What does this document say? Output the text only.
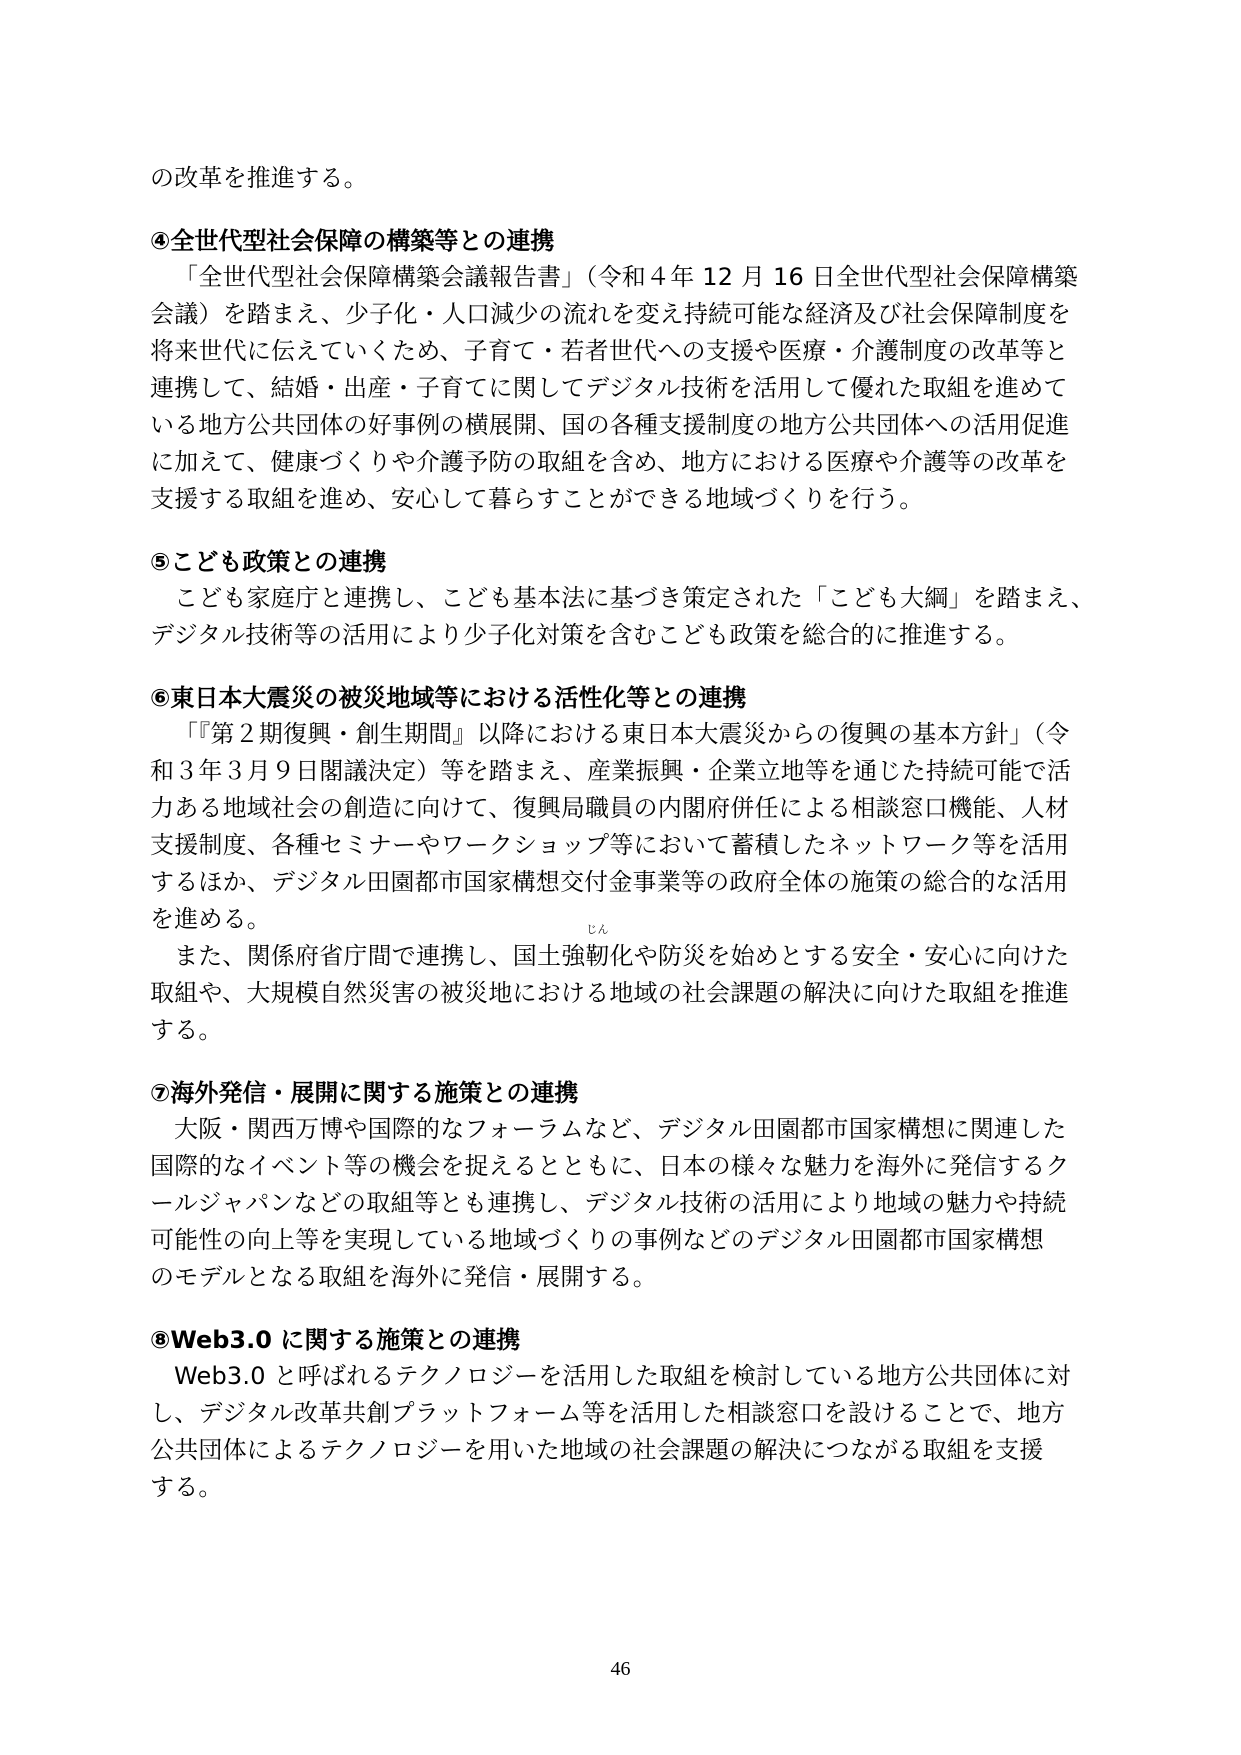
の改革を推進する。
④全世代型社会保障の構築等との連携
「全世代型社会保障構築会議報告書」（令和４年 12 月 16 日全世代型社会保障構築
会議）を踏まえ、少子化・人口減少の流れを変え持続可能な経済及び社会保障制度を
将来世代に伝えていくため、子育て・若者世代への支援や医療・介護制度の改革等と
連携して、結婚・出産・子育てに関してデジタル技術を活用して優れた取組を進めて
いる地方公共団体の好事例の横展開、国の各種支援制度の地方公共団体への活用促進
に加えて、健康づくりや介護予防の取組を含め、地方における医療や介護等の改革を
支援する取組を進め、安心して暮らすことができる地域づくりを行う。
⑤こども政策との連携
こども家庭庁と連携し、こども基本法に基づき策定された「こども大綱」を踏まえ、
デジタル技術等の活用により少子化対策を含むこども政策を総合的に推進する。
⑥東日本大震災の被災地域等における活性化等との連携
「『第２期復興・創生期間』以降における東日本大震災からの復興の基本方針」（令
和３年３月９日閣議決定）等を踏まえ、産業振興・企業立地等を通じた持続可能で活
力ある地域社会の創造に向けて、復興局職員の内閣府併任による相談窓口機能、人材
支援制度、各種セミナーやワークショップ等において蓄積したネットワーク等を活用
するほか、デジタル田園都市国家構想交付金事業等の政府全体の施策の総合的な活用
を進める。
また、関係府省庁間で連携し、国土強
じん
靭化や防災を始めとする安全・安心に向けた
取組や、大規模自然災害の被災地における地域の社会課題の解決に向けた取組を推進
する。
⑦海外発信・展開に関する施策との連携
大阪・関西万博や国際的なフォーラムなど、デジタル田園都市国家構想に関連した
国際的なイベント等の機会を捉えるとともに、日本の様々な魅力を海外に発信するク
ールジャパンなどの取組等とも連携し、デジタル技術の活用により地域の魅力や持続
可能性の向上等を実現している地域づくりの事例などのデジタル田園都市国家構想
のモデルとなる取組を海外に発信・展開する。
⑧Web3.0 に関する施策との連携
Web3.0 と呼ばれるテクノロジーを活用した取組を検討している地方公共団体に対
し、デジタル改革共創プラットフォーム等を活用した相談窓口を設けることで、地方
公共団体によるテクノロジーを用いた地域の社会課題の解決につながる取組を支援
する。
46
